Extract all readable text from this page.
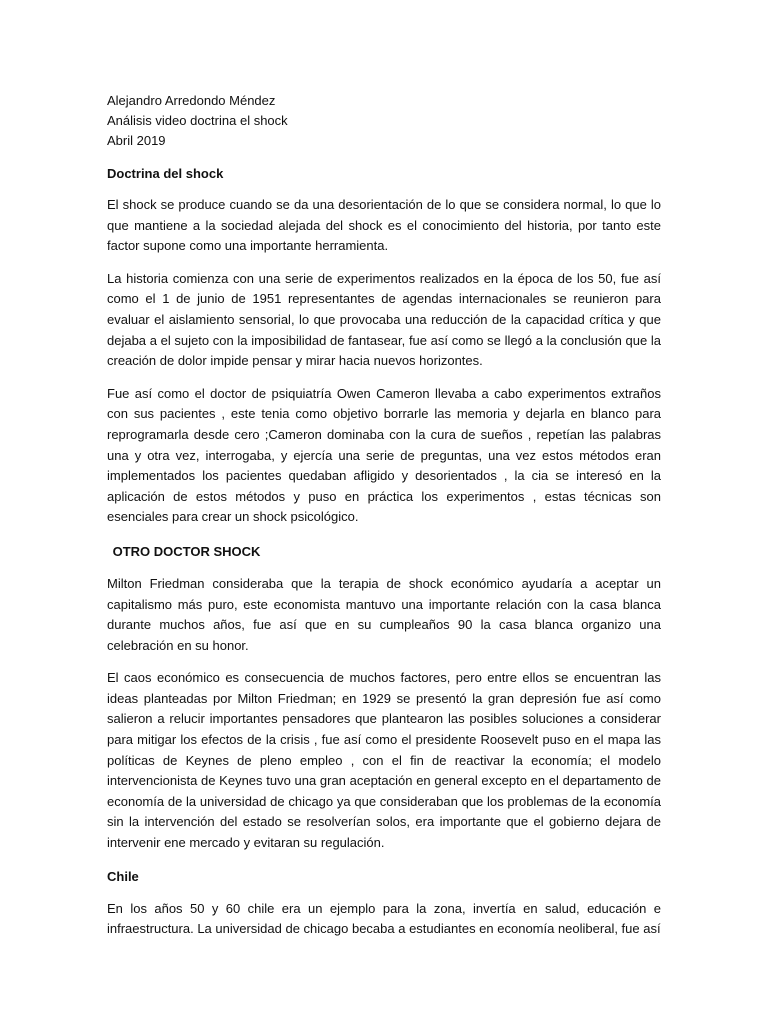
Alejandro Arredondo Méndez
Análisis video doctrina el shock
Abril 2019
Doctrina del shock

El shock se produce cuando se da una desorientación de lo que se considera normal, lo que lo que mantiene a la sociedad alejada del shock es el conocimiento del historia, por tanto este factor supone como una importante herramienta.

La historia comienza con una serie de experimentos realizados en la época de los 50, fue así como el 1 de junio de 1951 representantes de agendas internacionales se reunieron para evaluar el aislamiento sensorial, lo que provocaba una reducción de la capacidad crítica y que dejaba a el sujeto con la imposibilidad de fantasear, fue así como se llegó a la conclusión que la creación de dolor impide pensar y mirar hacia nuevos horizontes.

Fue así como el doctor de psiquiatría Owen Cameron llevaba a cabo experimentos extraños con sus pacientes , este tenia como objetivo borrarle las memoria y dejarla en blanco para reprogramarla desde cero ;Cameron dominaba con la cura de sueños , repetían las palabras una y otra vez, interrogaba, y ejercía una serie de preguntas, una vez estos métodos eran implementados los pacientes quedaban afligido y desorientados , la cia se interesó en la aplicación de estos métodos y puso en práctica los experimentos , estas técnicas son esenciales para crear un shock psicológico.

OTRO DOCTOR SHOCK

Milton Friedman consideraba que la terapia de shock económico ayudaría a aceptar un capitalismo más puro, este economista mantuvo una importante relación con la casa blanca durante muchos años, fue así que en su cumpleaños 90 la casa blanca organizo una celebración en su honor.

El caos económico es consecuencia de muchos factores, pero entre ellos se encuentran las ideas planteadas por Milton Friedman; en 1929 se presentó la gran depresión fue así como salieron a relucir importantes pensadores que plantearon las posibles soluciones a considerar para mitigar los efectos de la crisis , fue así como el presidente Roosevelt puso en el mapa las políticas de Keynes de pleno empleo , con el fin de reactivar la economía; el modelo intervencionista de Keynes tuvo una gran aceptación en general excepto en el departamento de economía de la universidad de chicago ya que consideraban que los problemas de la economía sin la intervención del estado se resolverían solos, era importante que el gobierno dejara de intervenir ene mercado y evitaran su regulación.

Chile

En los años 50 y 60 chile era un ejemplo para la zona, invertía en salud, educación e infraestructura. La universidad de chicago becaba a estudiantes en economía neoliberal, fue así
